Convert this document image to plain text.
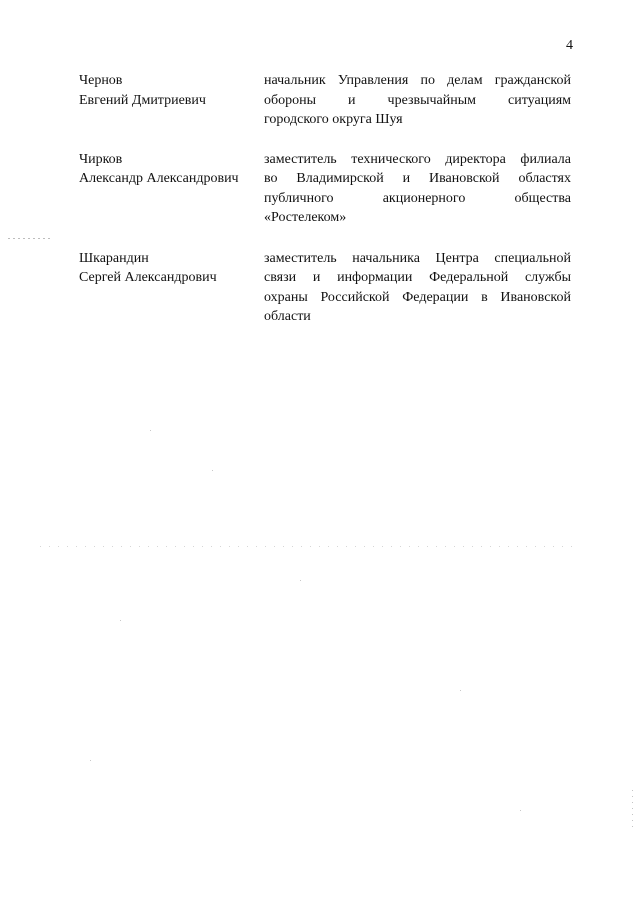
4
Чернов
Евгений Дмитриевич
начальник Управления по делам гражданской
обороны и чрезвычайным ситуациям
городского округа Шуя
Чирков
Александр Александрович
заместитель технического директора филиала
во Владимирской и Ивановской областях
публичного акционерного общества
«Ростелеком»
Шкарандин
Сергей Александрович
заместитель начальника Центра специальной
связи и информации Федеральной службы
охраны Российской Федерации в Ивановской
области
